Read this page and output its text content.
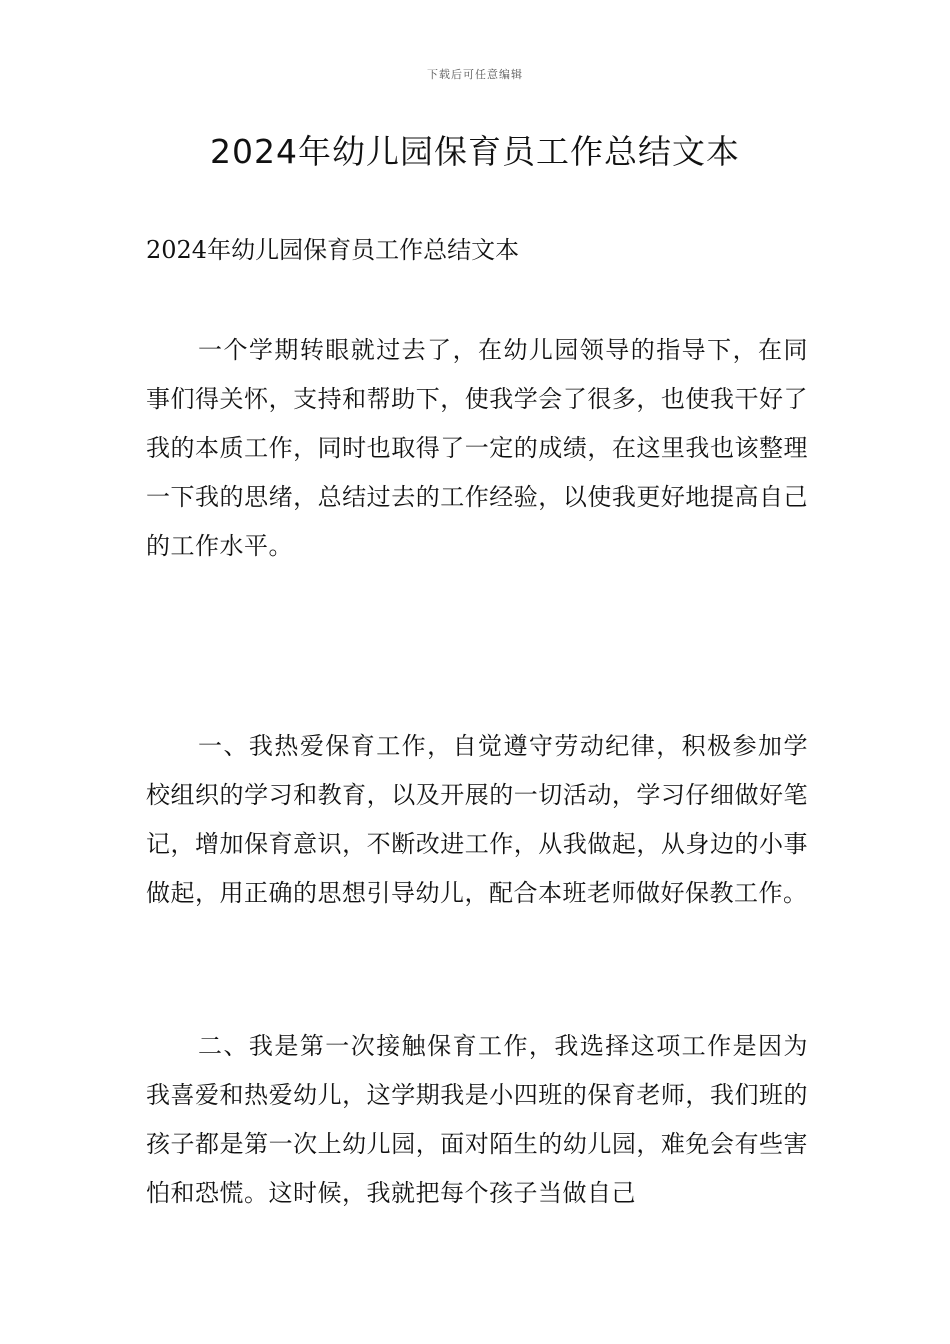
下载后可任意编辑
2024年幼儿园保育员工作总结文本
2024年幼儿园保育员工作总结文本

一个学期转眼就过去了，在幼儿园领导的指导下，在同事们得关怀，支持和帮助下，使我学会了很多，也使我干好了我的本质工作，同时也取得了一定的成绩，在这里我也该整理一下我的思绪，总结过去的工作经验，以使我更好地提高自己的工作水平。

一、我热爱保育工作，自觉遵守劳动纪律，积极参加学校组织的学习和教育，以及开展的一切活动，学习仔细做好笔记，增加保育意识，不断改进工作，从我做起，从身边的小事做起，用正确的思想引导幼儿，配合本班老师做好保教工作。

二、我是第一次接触保育工作，我选择这项工作是因为我喜爱和热爱幼儿，这学期我是小四班的保育老师，我们班的孩子都是第一次上幼儿园，面对陌生的幼儿园，难免会有些害怕和恐慌。这时候，我就把每个孩子当做自己
